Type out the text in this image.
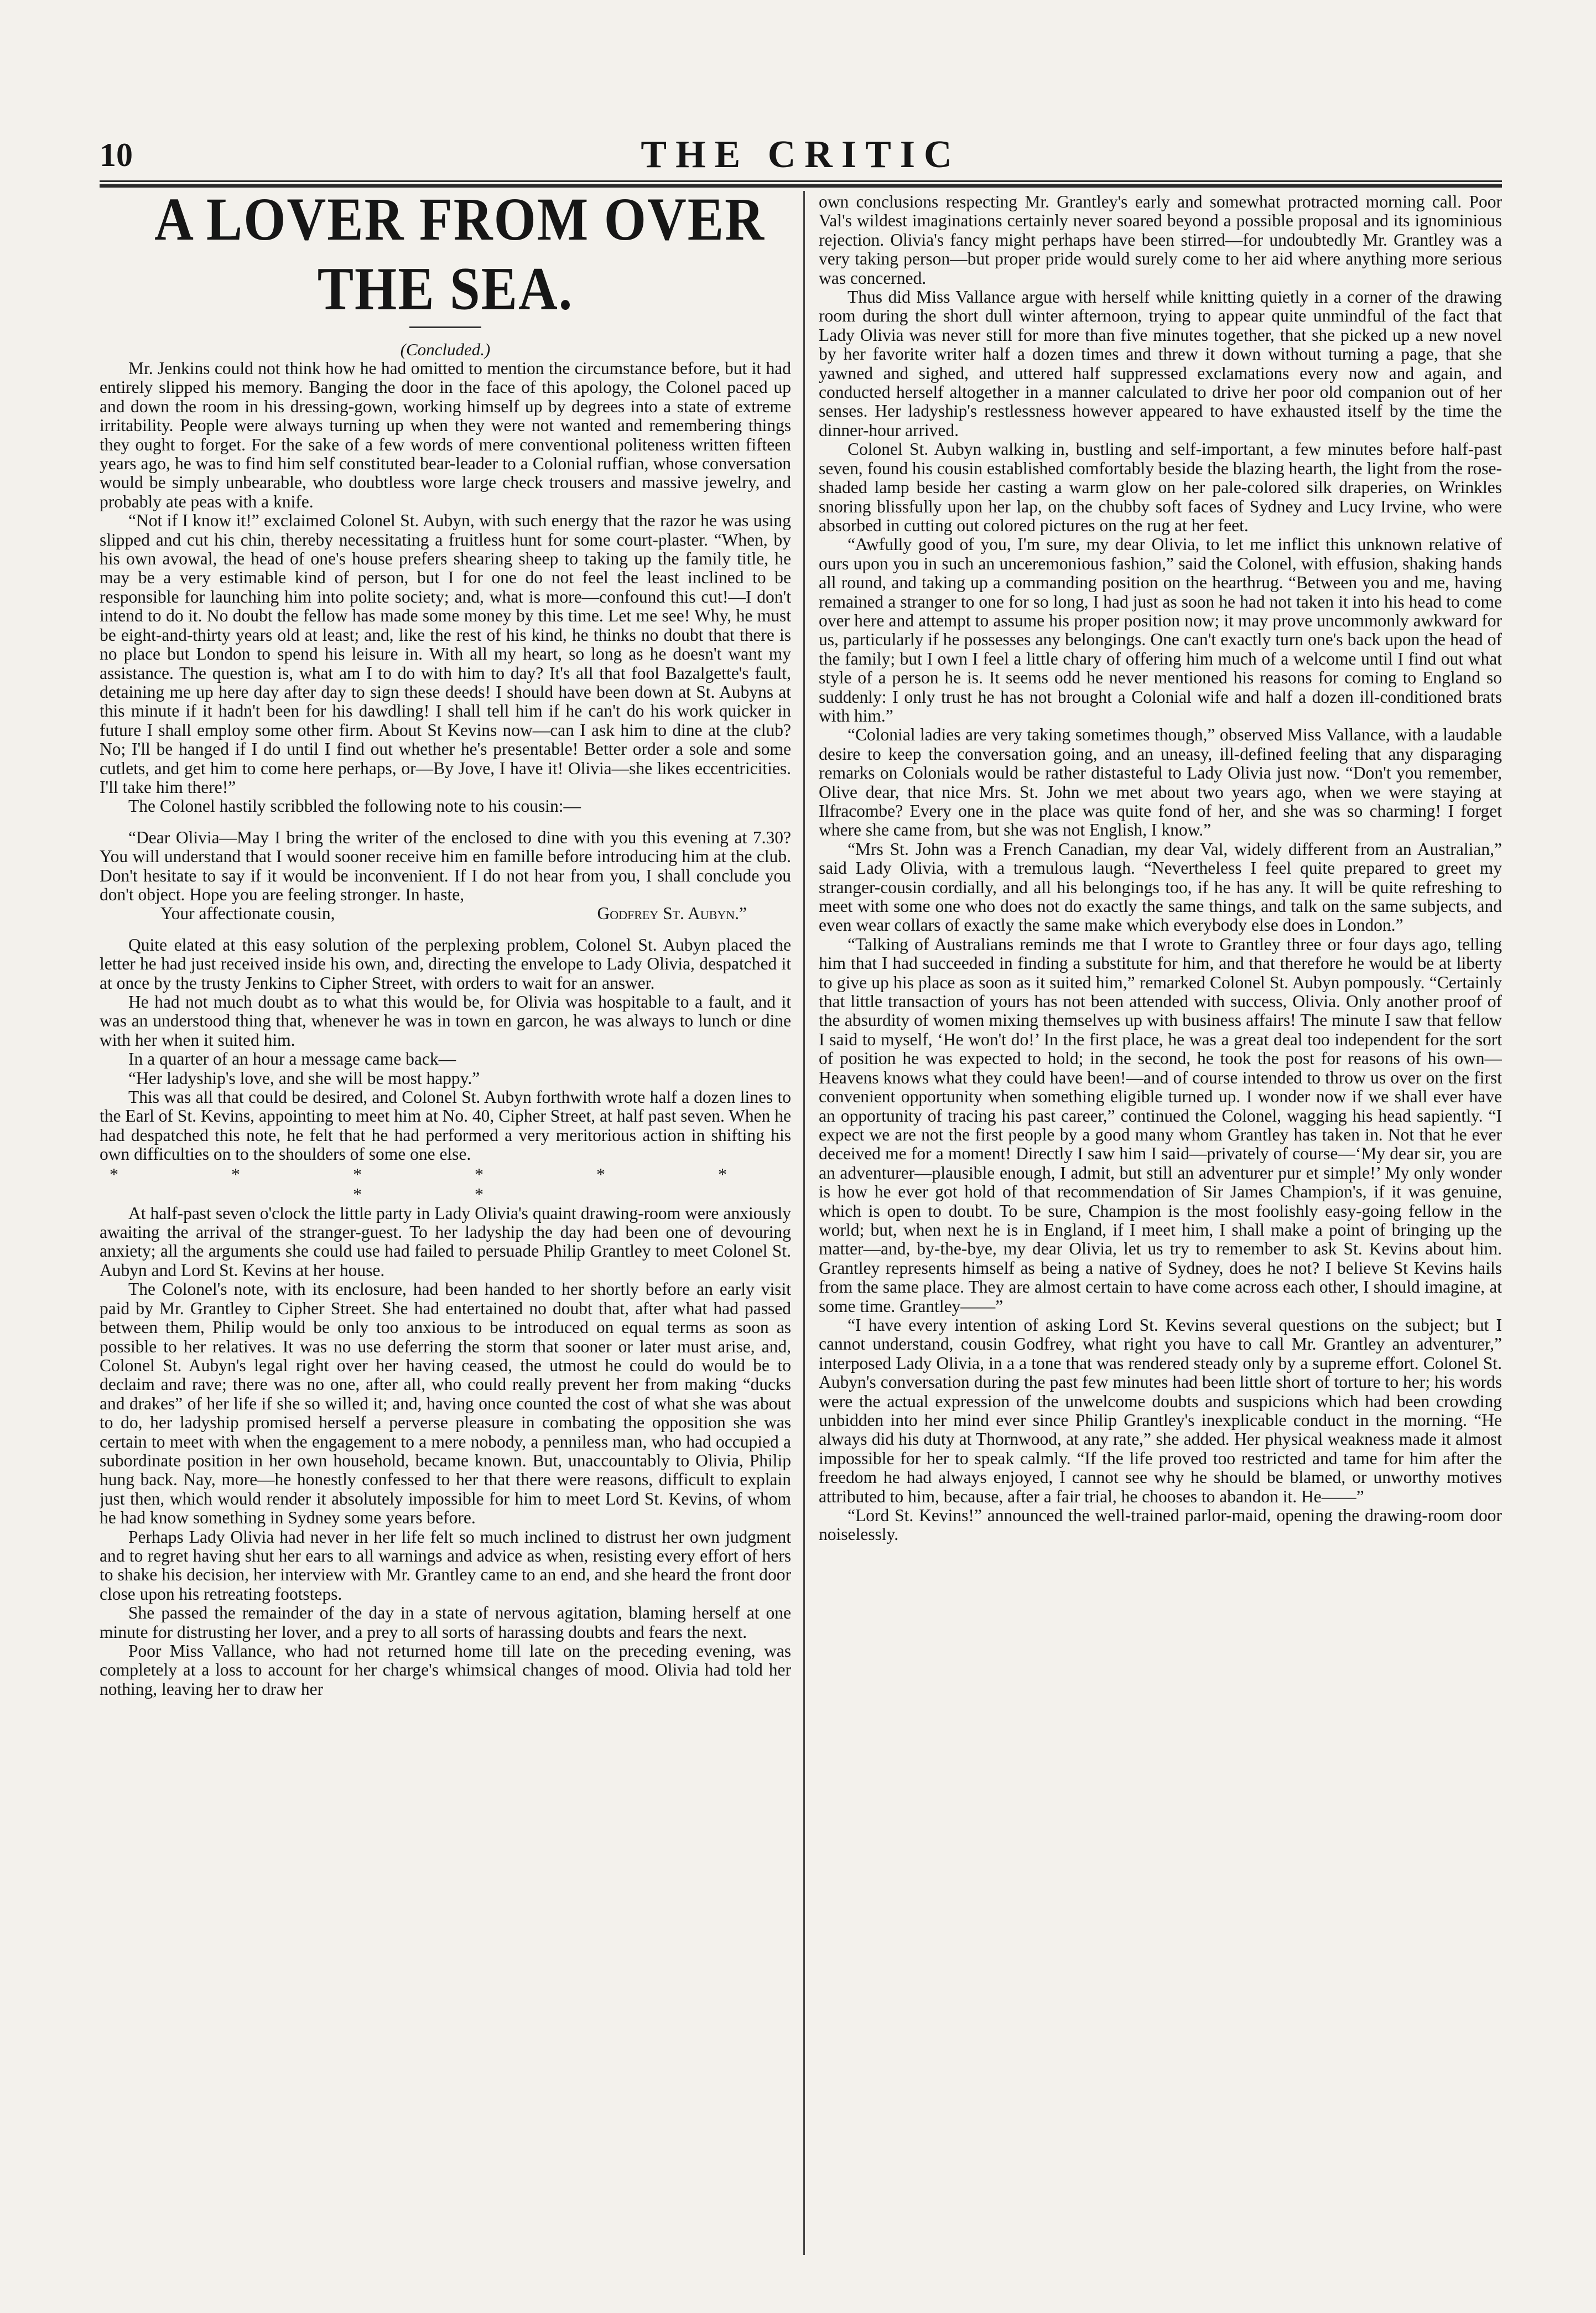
10	THE CRITIC

A LOVER FROM OVER THE SEA.

(Concluded.)

Mr. Jenkins could not think how he had omitted to mention the circumstance before, but it had entirely slipped his memory. Banging the door in the face of this apology, the Colonel paced up and down the room in his dressing-gown, working himself up by degrees into a state of extreme irritability. People were always turning up when they were not wanted and remembering things they ought to forget. For the sake of a few words of mere conventional politeness written fifteen years ago, he was to find him self constituted bear-leader to a Colonial ruffian, whose conversation would be simply unbearable, who doubtless wore large check trousers and massive jewelry, and probably ate peas with a knife.

“Not if I know it!” exclaimed Colonel St. Aubyn, with such energy that the razor he was using slipped and cut his chin, thereby necessitating a fruitless hunt for some court-plaster. “When, by his own avowal, the head of one's house prefers shearing sheep to taking up the family title, he may be a very estimable kind of person, but I for one do not feel the least inclined to be responsible for launching him into polite society; and, what is more—confound this cut!—I don't intend to do it. No doubt the fellow has made some money by this time. Let me see! Why, he must be eight-and-thirty years old at least; and, like the rest of his kind, he thinks no doubt that there is no place but London to spend his leisure in. With all my heart, so long as he doesn't want my assistance. The question is, what am I to do with him to day? It's all that fool Bazalgette's fault, detaining me up here day after day to sign these deeds! I should have been down at St. Aubyns at this minute if it hadn't been for his dawdling! I shall tell him if he can't do his work quicker in future I shall employ some other firm. About St Kevins now—can I ask him to dine at the club? No; I'll be hanged if I do until I find out whether he's presentable! Better order a sole and some cutlets, and get him to come here perhaps, or—By Jove, I have it! Olivia—she likes eccentricities. I'll take him there!”

The Colonel hastily scribbled the following note to his cousin:—

“Dear Olivia—May I bring the writer of the enclosed to dine with you this evening at 7.30? You will understand that I would sooner receive him en famille before introducing him at the club. Don't hesitate to say if it would be inconvenient. If I do not hear from you, I shall conclude you don't object. Hope you are feeling stronger. In haste,

Your affectionate cousin,	Godfrey St. Aubyn.”

Quite elated at this easy solution of the perplexing problem, Colonel St. Aubyn placed the letter he had just received inside his own, and, directing the envelope to Lady Olivia, despatched it at once by the trusty Jenkins to Cipher Street, with orders to wait for an answer.

He had not much doubt as to what this would be, for Olivia was hospitable to a fault, and it was an understood thing that, whenever he was in town en garcon, he was always to lunch or dine with her when it suited him.

In a quarter of an hour a message came back—

“Her ladyship's love, and she will be most happy.”

This was all that could be desired, and Colonel St. Aubyn forthwith wrote half a dozen lines to the Earl of St. Kevins, appointing to meet him at No. 40, Cipher Street, at half past seven. When he had despatched this note, he felt that he had performed a very meritorious action in shifting his own difficulties on to the shoulders of some one else.

* * * * * * * *

At half-past seven o'clock the little party in Lady Olivia's quaint drawing-room were anxiously awaiting the arrival of the stranger-guest. To her ladyship the day had been one of devouring anxiety; all the arguments she could use had failed to persuade Philip Grantley to meet Colonel St. Aubyn and Lord St. Kevins at her house.

The Colonel's note, with its enclosure, had been handed to her shortly before an early visit paid by Mr. Grantley to Cipher Street. She had entertained no doubt that, after what had passed between them, Philip would be only too anxious to be introduced on equal terms as soon as possible to her relatives. It was no use deferring the storm that sooner or later must arise, and, Colonel St. Aubyn's legal right over her having ceased, the utmost he could do would be to declaim and rave; there was no one, after all, who could really prevent her from making “ducks and drakes” of her life if she so willed it; and, having once counted the cost of what she was about to do, her ladyship promised herself a perverse pleasure in combating the opposition she was certain to meet with when the engagement to a mere nobody, a penniless man, who had occupied a subordinate position in her own household, became known. But, unaccountably to Olivia, Philip hung back. Nay, more—he honestly confessed to her that there were reasons, difficult to explain just then, which would render it absolutely impossible for him to meet Lord St. Kevins, of whom he had know something in Sydney some years before.

Perhaps Lady Olivia had never in her life felt so much inclined to distrust her own judgment and to regret having shut her ears to all warnings and advice as when, resisting every effort of hers to shake his decision, her interview with Mr. Grantley came to an end, and she heard the front door close upon his retreating footsteps.

She passed the remainder of the day in a state of nervous agitation, blaming herself at one minute for distrusting her lover, and a prey to all sorts of harassing doubts and fears the next.

Poor Miss Vallance, who had not returned home till late on the preceding evening, was completely at a loss to account for her charge's whimsical changes of mood. Olivia had told her nothing, leaving her to draw her

own conclusions respecting Mr. Grantley's early and somewhat protracted morning call. Poor Val's wildest imaginations certainly never soared beyond a possible proposal and its ignominious rejection. Olivia's fancy might perhaps have been stirred—for undoubtedly Mr. Grantley was a very taking person—but proper pride would surely come to her aid where anything more serious was concerned.

Thus did Miss Vallance argue with herself while knitting quietly in a corner of the drawing room during the short dull winter afternoon, trying to appear quite unmindful of the fact that Lady Olivia was never still for more than five minutes together, that she picked up a new novel by her favorite writer half a dozen times and threw it down without turning a page, that she yawned and sighed, and uttered half suppressed exclamations every now and again, and conducted herself altogether in a manner calculated to drive her poor old companion out of her senses. Her ladyship's restlessness however appeared to have exhausted itself by the time the dinner-hour arrived.

Colonel St. Aubyn walking in, bustling and self-important, a few minutes before half-past seven, found his cousin established comfortably beside the blazing hearth, the light from the rose-shaded lamp beside her casting a warm glow on her pale-colored silk draperies, on Wrinkles snoring blissfully upon her lap, on the chubby soft faces of Sydney and Lucy Irvine, who were absorbed in cutting out colored pictures on the rug at her feet.

“Awfully good of you, I'm sure, my dear Olivia, to let me inflict this unknown relative of ours upon you in such an unceremonious fashion,” said the Colonel, with effusion, shaking hands all round, and taking up a commanding position on the hearthrug. “Between you and me, having remained a stranger to one for so long, I had just as soon he had not taken it into his head to come over here and attempt to assume his proper position now; it may prove uncommonly awkward for us, particularly if he possesses any belongings. One can't exactly turn one's back upon the head of the family; but I own I feel a little chary of offering him much of a welcome until I find out what style of a person he is. It seems odd he never mentioned his reasons for coming to England so suddenly: I only trust he has not brought a Colonial wife and half a dozen ill-conditioned brats with him.”

“Colonial ladies are very taking sometimes though,” observed Miss Vallance, with a laudable desire to keep the conversation going, and an uneasy, ill-defined feeling that any disparaging remarks on Colonials would be rather distasteful to Lady Olivia just now. “Don't you remember, Olive dear, that nice Mrs. St. John we met about two years ago, when we were staying at Ilfracombe? Every one in the place was quite fond of her, and she was so charming! I forget where she came from, but she was not English, I know.”

“Mrs St. John was a French Canadian, my dear Val, widely different from an Australian,” said Lady Olivia, with a tremulous laugh. “Nevertheless I feel quite prepared to greet my stranger-cousin cordially, and all his belongings too, if he has any. It will be quite refreshing to meet with some one who does not do exactly the same things, and talk on the same subjects, and even wear collars of exactly the same make which everybody else does in London.”

“Talking of Australians reminds me that I wrote to Grantley three or four days ago, telling him that I had succeeded in finding a substitute for him, and that therefore he would be at liberty to give up his place as soon as it suited him,” remarked Colonel St. Aubyn pompously. “Certainly that little transaction of yours has not been attended with success, Olivia. Only another proof of the absurdity of women mixing themselves up with business affairs! The minute I saw that fellow I said to myself, ‘He won't do!’ In the first place, he was a great deal too independent for the sort of position he was expected to hold; in the second, he took the post for reasons of his own—Heavens knows what they could have been!—and of course intended to throw us over on the first convenient opportunity when something eligible turned up. I wonder now if we shall ever have an opportunity of tracing his past career,” continued the Colonel, wagging his head sapiently. “I expect we are not the first people by a good many whom Grantley has taken in. Not that he ever deceived me for a moment! Directly I saw him I said—privately of course—‘My dear sir, you are an adventurer—plausible enough, I admit, but still an adventurer pur et simple!’ My only wonder is how he ever got hold of that recommendation of Sir James Champion's, if it was genuine, which is open to doubt. To be sure, Champion is the most foolishly easy-going fellow in the world; but, when next he is in England, if I meet him, I shall make a point of bringing up the matter—and, by-the-bye, my dear Olivia, let us try to remember to ask St. Kevins about him. Grantley represents himself as being a native of Sydney, does he not? I believe St Kevins hails from the same place. They are almost certain to have come across each other, I should imagine, at some time. Grantley——”

“I have every intention of asking Lord St. Kevins several questions on the subject; but I cannot understand, cousin Godfrey, what right you have to call Mr. Grantley an adventurer,” interposed Lady Olivia, in a a tone that was rendered steady only by a supreme effort. Colonel St. Aubyn's conversation during the past few minutes had been little short of torture to her; his words were the actual expression of the unwelcome doubts and suspicions which had been crowding unbidden into her mind ever since Philip Grantley's inexplicable conduct in the morning. “He always did his duty at Thornwood, at any rate,” she added. Her physical weakness made it almost impossible for her to speak calmly. “If the life proved too restricted and tame for him after the freedom he had always enjoyed, I cannot see why he should be blamed, or unworthy motives attributed to him, because, after a fair trial, he chooses to abandon it. He——”

“Lord St. Kevins!” announced the well-trained parlor-maid, opening the drawing-room door noiselessly.
